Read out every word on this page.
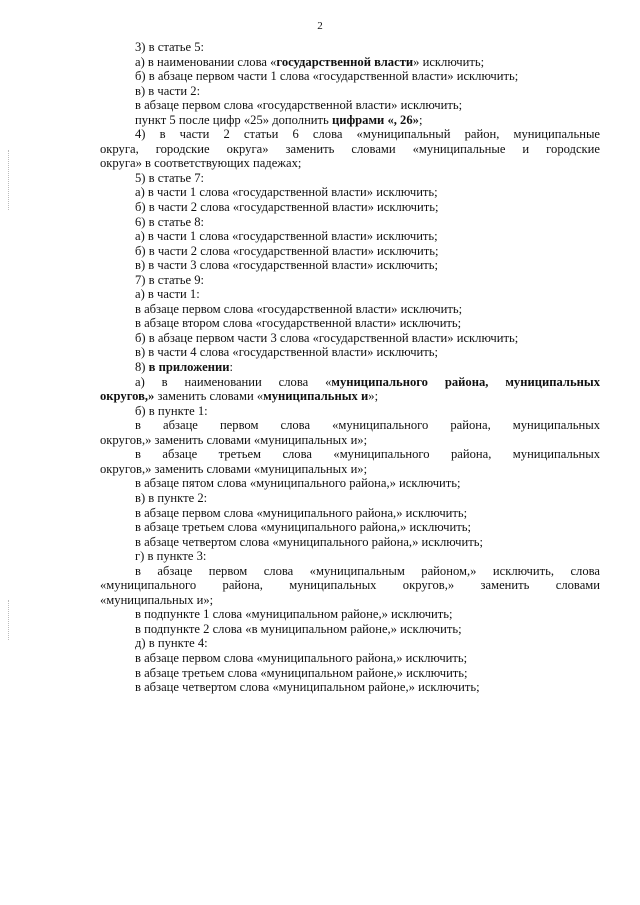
2
3) в статье 5:
а) в наименовании слова «государственной власти» исключить;
б) в абзаце первом части 1 слова «государственной власти» исключить;
в) в части 2:
в абзаце первом слова «государственной власти» исключить;
пункт 5 после цифр «25» дополнить цифрами «, 26»;
4) в части 2 статьи 6 слова «муниципальный район, муниципальные
округа, городские округа» заменить словами «муниципальные и городские
округа» в соответствующих падежах;
5) в статье 7:
а) в части 1 слова «государственной власти» исключить;
б) в части 2 слова «государственной власти» исключить;
6) в статье 8:
а) в части 1 слова «государственной власти» исключить;
б) в части 2 слова «государственной власти» исключить;
в) в части 3 слова «государственной власти» исключить;
7) в статье 9:
а) в части 1:
в абзаце первом слова «государственной власти» исключить;
в абзаце втором слова «государственной власти» исключить;
б) в абзаце первом части 3 слова «государственной власти» исключить;
в) в части 4 слова «государственной власти» исключить;
8) в приложении:
а) в наименовании слова «муниципального района, муниципальных
округов,» заменить словами «муниципальных и»;
б) в пункте 1:
в абзаце первом слова «муниципального района, муниципальных
округов,» заменить словами «муниципальных и»;
в абзаце третьем слова «муниципального района, муниципальных
округов,» заменить словами «муниципальных и»;
в абзаце пятом слова «муниципального района,» исключить;
в) в пункте 2:
в абзаце первом слова «муниципального района,» исключить;
в абзаце третьем слова «муниципального района,» исключить;
в абзаце четвертом слова «муниципального района,» исключить;
г) в пункте 3:
в абзаце первом слова «муниципальным районом,» исключить, слова
«муниципального района, муниципальных округов,» заменить словами
«муниципальных и»;
в подпункте 1 слова «муниципальном районе,» исключить;
в подпункте 2 слова «в муниципальном районе,» исключить;
д) в пункте 4:
в абзаце первом слова «муниципального района,» исключить;
в абзаце третьем слова «муниципальном районе,» исключить;
в абзаце четвертом слова «муниципальном районе,» исключить;
